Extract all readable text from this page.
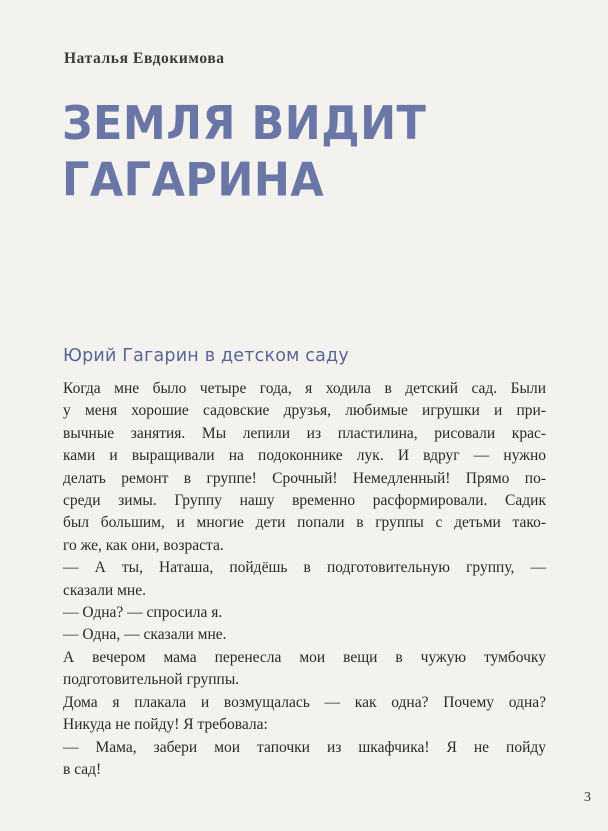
Наталья Евдокимова
ЗЕМЛЯ ВИДИТ
ГАГАРИНА
Юрий Гагарин в детском саду
Когда мне было четыре года, я ходила в детский сад. Были
у меня хорошие садовские друзья, любимые игрушки и при-
вычные занятия. Мы лепили из пластилина, рисовали крас-
ками и выращивали на подоконнике лук. И вдруг — нужно
делать ремонт в группе! Срочный! Немедленный! Прямо по-
среди зимы. Группу нашу временно расформировали. Садик
был большим, и многие дети попали в группы с детьми тако-
го же, как они, возраста.
— А ты, Наташа, пойдёшь в подготовительную группу, —
сказали мне.
— Одна? — спросила я.
— Одна, — сказали мне.
А вечером мама перенесла мои вещи в чужую тумбочку
подготовительной группы.
Дома я плакала и возмущалась — как одна? Почему одна?
Никуда не пойду! Я требовала:
— Мама, забери мои тапочки из шкафчика! Я не пойду
в сад!
3
